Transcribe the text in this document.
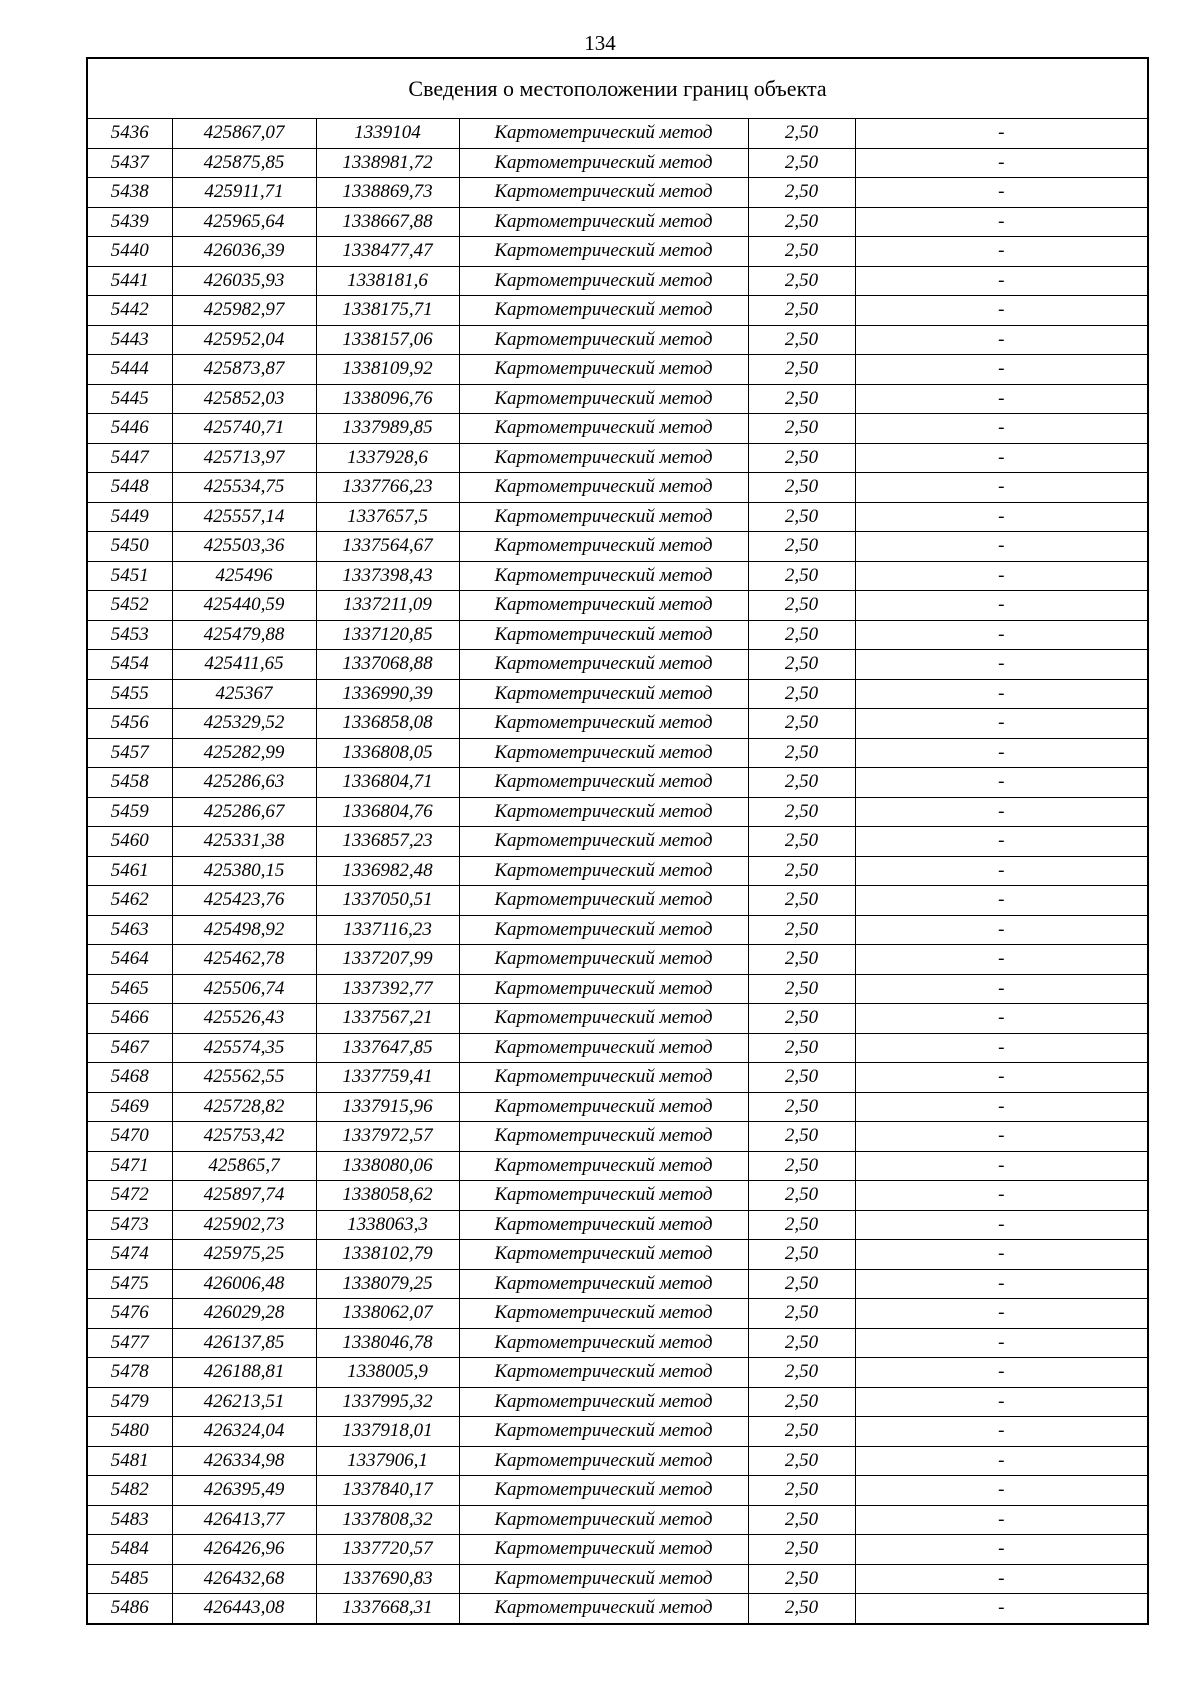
134
Сведения о местоположении границ объекта					
5436	425867,07	1339104	Картометрический метод	2,50	-
5437	425875,85	1338981,72	Картометрический метод	2,50	-
5438	425911,71	1338869,73	Картометрический метод	2,50	-
5439	425965,64	1338667,88	Картометрический метод	2,50	-
5440	426036,39	1338477,47	Картометрический метод	2,50	-
5441	426035,93	1338181,6	Картометрический метод	2,50	-
5442	425982,97	1338175,71	Картометрический метод	2,50	-
5443	425952,04	1338157,06	Картометрический метод	2,50	-
5444	425873,87	1338109,92	Картометрический метод	2,50	-
5445	425852,03	1338096,76	Картометрический метод	2,50	-
5446	425740,71	1337989,85	Картометрический метод	2,50	-
5447	425713,97	1337928,6	Картометрический метод	2,50	-
5448	425534,75	1337766,23	Картометрический метод	2,50	-
5449	425557,14	1337657,5	Картометрический метод	2,50	-
5450	425503,36	1337564,67	Картометрический метод	2,50	-
5451	425496	1337398,43	Картометрический метод	2,50	-
5452	425440,59	1337211,09	Картометрический метод	2,50	-
5453	425479,88	1337120,85	Картометрический метод	2,50	-
5454	425411,65	1337068,88	Картометрический метод	2,50	-
5455	425367	1336990,39	Картометрический метод	2,50	-
5456	425329,52	1336858,08	Картометрический метод	2,50	-
5457	425282,99	1336808,05	Картометрический метод	2,50	-
5458	425286,63	1336804,71	Картометрический метод	2,50	-
5459	425286,67	1336804,76	Картометрический метод	2,50	-
5460	425331,38	1336857,23	Картометрический метод	2,50	-
5461	425380,15	1336982,48	Картометрический метод	2,50	-
5462	425423,76	1337050,51	Картометрический метод	2,50	-
5463	425498,92	1337116,23	Картометрический метод	2,50	-
5464	425462,78	1337207,99	Картометрический метод	2,50	-
5465	425506,74	1337392,77	Картометрический метод	2,50	-
5466	425526,43	1337567,21	Картометрический метод	2,50	-
5467	425574,35	1337647,85	Картометрический метод	2,50	-
5468	425562,55	1337759,41	Картометрический метод	2,50	-
5469	425728,82	1337915,96	Картометрический метод	2,50	-
5470	425753,42	1337972,57	Картометрический метод	2,50	-
5471	425865,7	1338080,06	Картометрический метод	2,50	-
5472	425897,74	1338058,62	Картометрический метод	2,50	-
5473	425902,73	1338063,3	Картометрический метод	2,50	-
5474	425975,25	1338102,79	Картометрический метод	2,50	-
5475	426006,48	1338079,25	Картометрический метод	2,50	-
5476	426029,28	1338062,07	Картометрический метод	2,50	-
5477	426137,85	1338046,78	Картометрический метод	2,50	-
5478	426188,81	1338005,9	Картометрический метод	2,50	-
5479	426213,51	1337995,32	Картометрический метод	2,50	-
5480	426324,04	1337918,01	Картометрический метод	2,50	-
5481	426334,98	1337906,1	Картометрический метод	2,50	-
5482	426395,49	1337840,17	Картометрический метод	2,50	-
5483	426413,77	1337808,32	Картометрический метод	2,50	-
5484	426426,96	1337720,57	Картометрический метод	2,50	-
5485	426432,68	1337690,83	Картометрический метод	2,50	-
5486	426443,08	1337668,31	Картометрический метод	2,50	-
